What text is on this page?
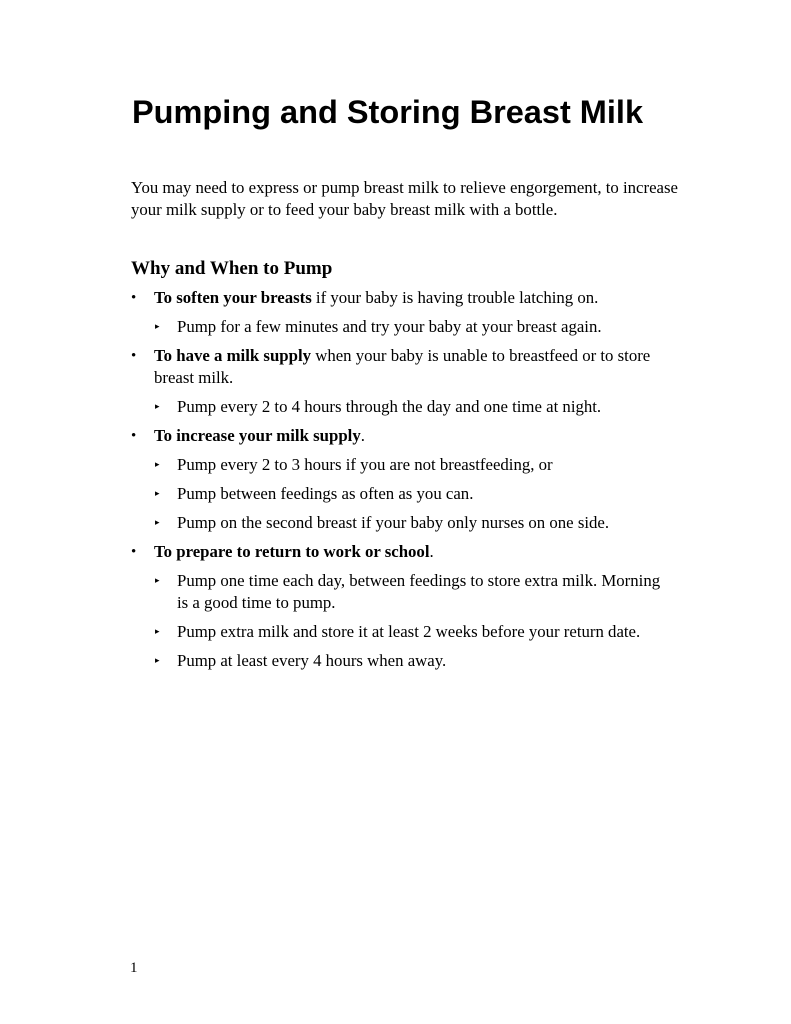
Pumping and Storing Breast Milk

You may need to express or pump breast milk to relieve engorgement, to increase your milk supply or to feed your baby breast milk with a bottle.

Why and When to Pump
• To soften your breasts if your baby is having trouble latching on.
▸ Pump for a few minutes and try your baby at your breast again.
• To have a milk supply when your baby is unable to breastfeed or to store breast milk.
▸ Pump every 2 to 4 hours through the day and one time at night.
• To increase your milk supply.
▸ Pump every 2 to 3 hours if you are not breastfeeding, or
▸ Pump between feedings as often as you can.
▸ Pump on the second breast if your baby only nurses on one side.
• To prepare to return to work or school.
▸ Pump one time each day, between feedings to store extra milk. Morning is a good time to pump.
▸ Pump extra milk and store it at least 2 weeks before your return date.
▸ Pump at least every 4 hours when away.
1
